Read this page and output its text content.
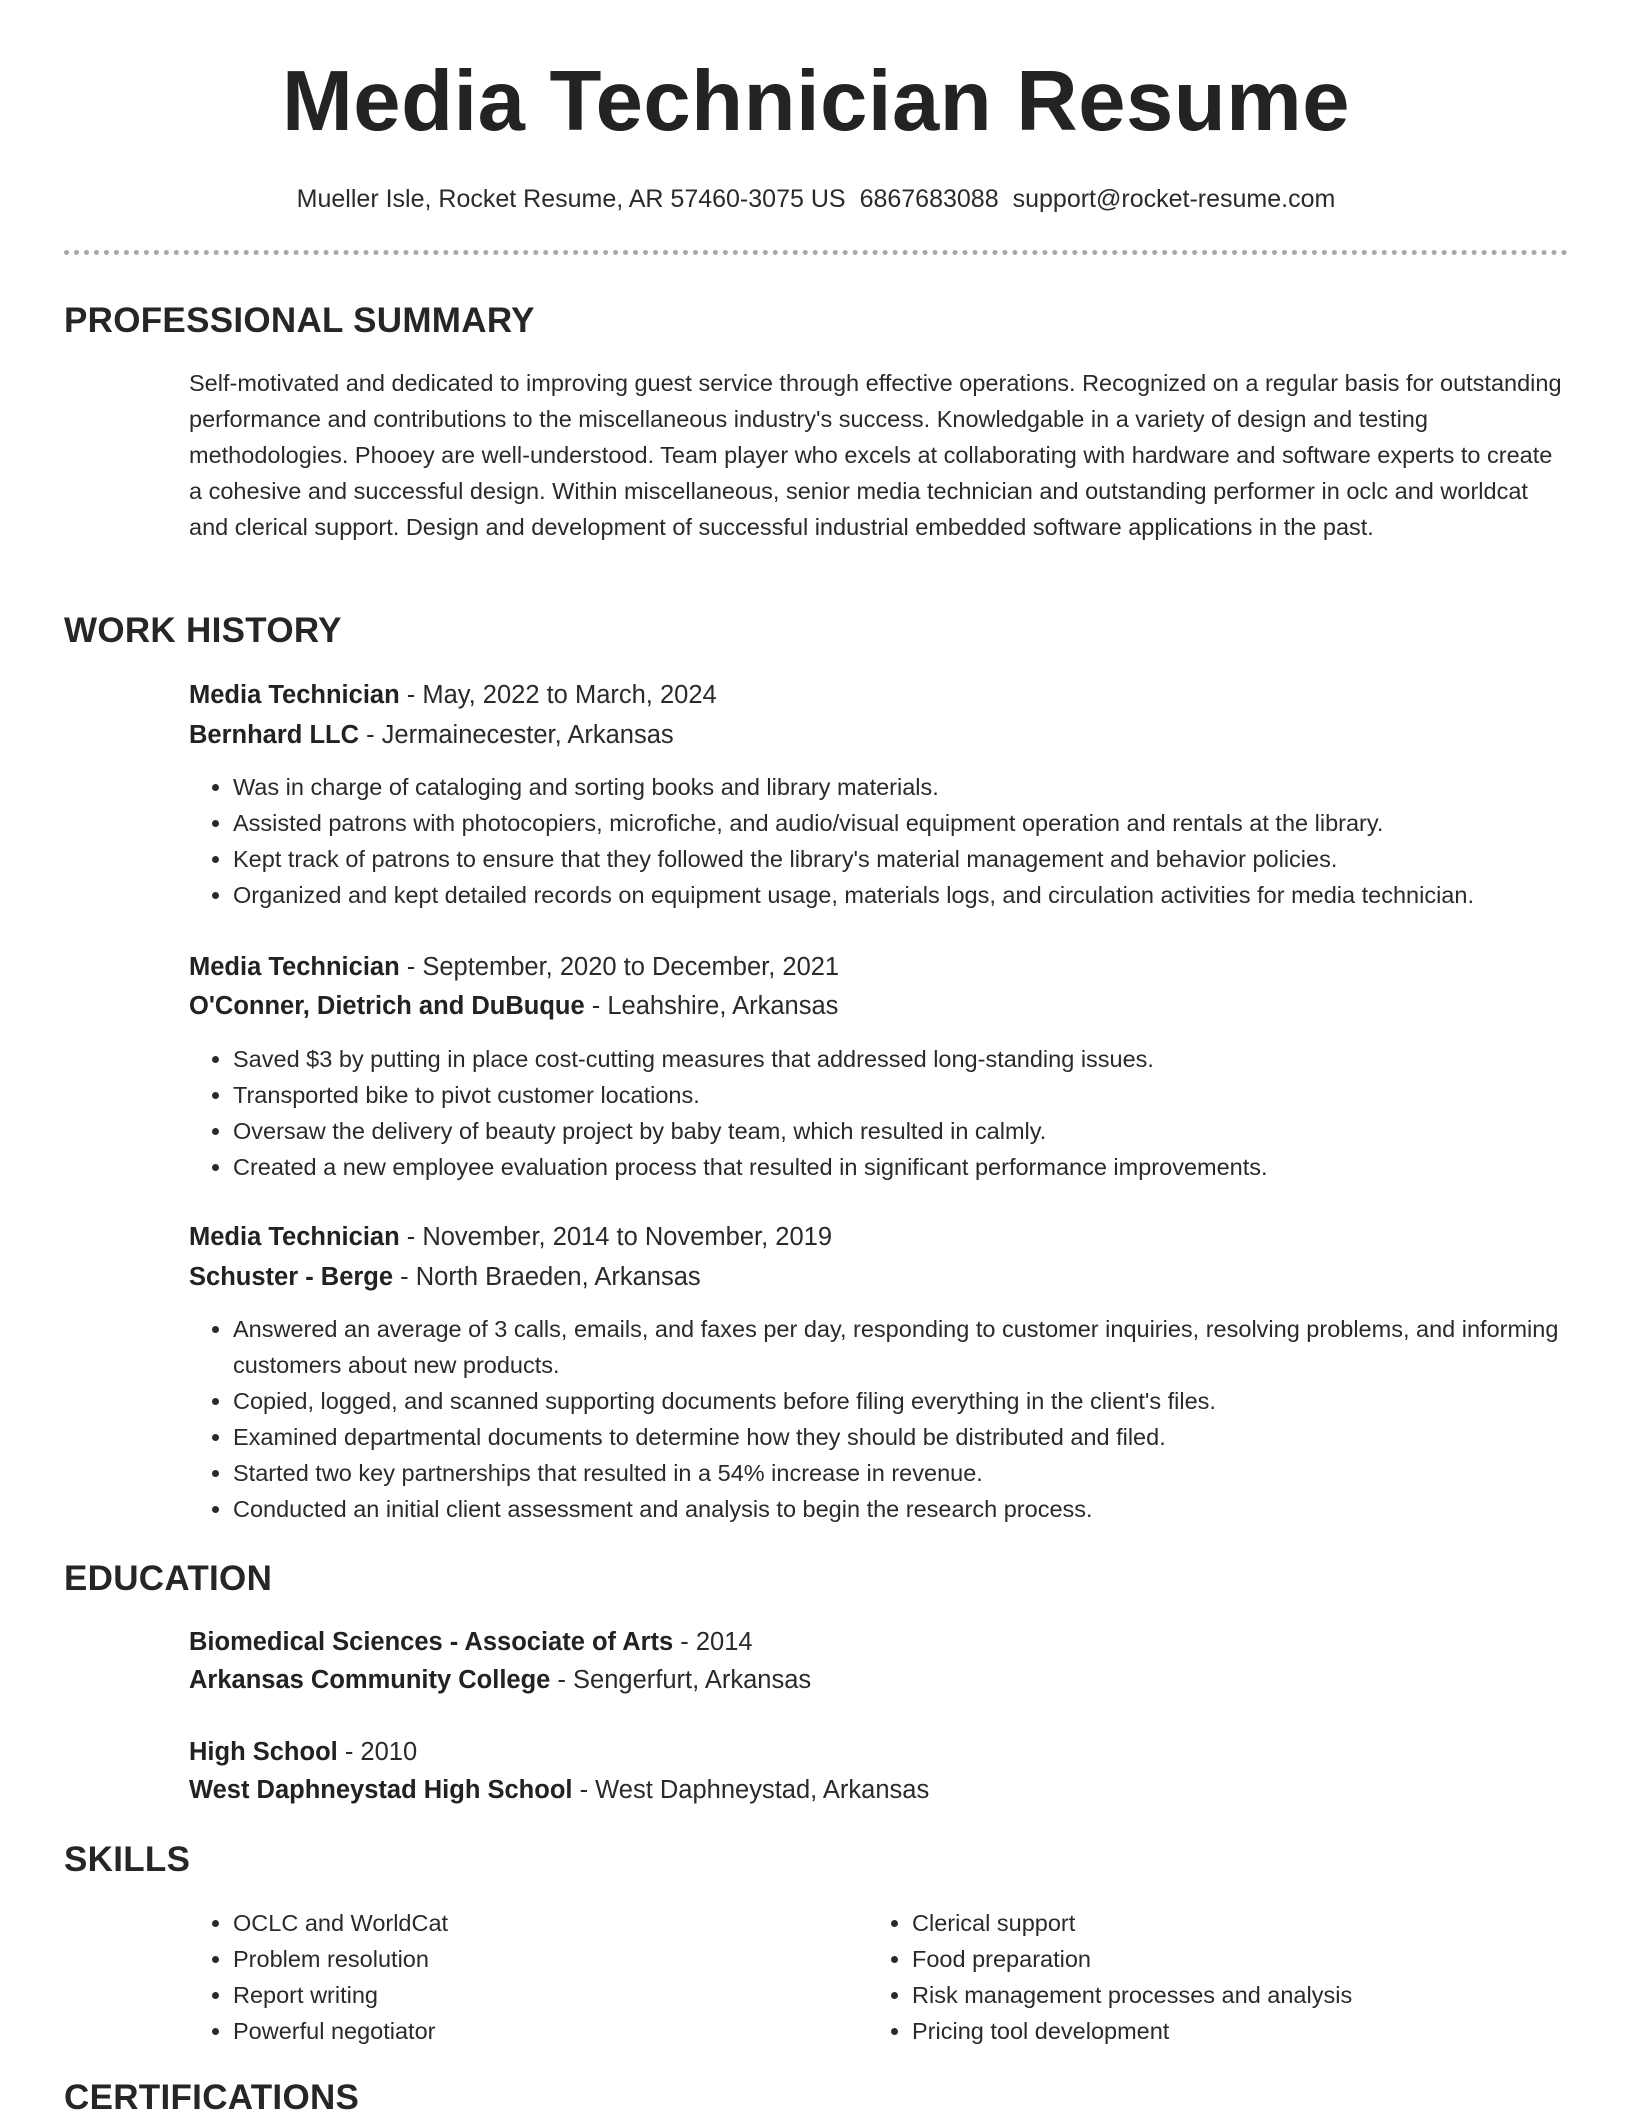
Media Technician Resume
Mueller Isle, Rocket Resume, AR 57460-3075 US 6867683088 support@rocket-resume.com
PROFESSIONAL SUMMARY
Self-motivated and dedicated to improving guest service through effective operations. Recognized on a regular basis for outstanding performance and contributions to the miscellaneous industry's success. Knowledgable in a variety of design and testing methodologies. Phooey are well-understood. Team player who excels at collaborating with hardware and software experts to create a cohesive and successful design. Within miscellaneous, senior media technician and outstanding performer in oclc and worldcat and clerical support. Design and development of successful industrial embedded software applications in the past.
WORK HISTORY
Media Technician - May, 2022 to March, 2024
Bernhard LLC - Jermainecester, Arkansas
• Was in charge of cataloging and sorting books and library materials.
• Assisted patrons with photocopiers, microfiche, and audio/visual equipment operation and rentals at the library.
• Kept track of patrons to ensure that they followed the library's material management and behavior policies.
• Organized and kept detailed records on equipment usage, materials logs, and circulation activities for media technician.
Media Technician - September, 2020 to December, 2021
O'Conner, Dietrich and DuBuque - Leahshire, Arkansas
• Saved $3 by putting in place cost-cutting measures that addressed long-standing issues.
• Transported bike to pivot customer locations.
• Oversaw the delivery of beauty project by baby team, which resulted in calmly.
• Created a new employee evaluation process that resulted in significant performance improvements.
Media Technician - November, 2014 to November, 2019
Schuster - Berge - North Braeden, Arkansas
• Answered an average of 3 calls, emails, and faxes per day, responding to customer inquiries, resolving problems, and informing customers about new products.
• Copied, logged, and scanned supporting documents before filing everything in the client's files.
• Examined departmental documents to determine how they should be distributed and filed.
• Started two key partnerships that resulted in a 54% increase in revenue.
• Conducted an initial client assessment and analysis to begin the research process.
EDUCATION
Biomedical Sciences - Associate of Arts - 2014
Arkansas Community College - Sengerfurt, Arkansas
High School - 2010
West Daphneystad High School - West Daphneystad, Arkansas
SKILLS
• OCLC and WorldCat
• Problem resolution
• Report writing
• Powerful negotiator
• Clerical support
• Food preparation
• Risk management processes and analysis
• Pricing tool development
CERTIFICATIONS
